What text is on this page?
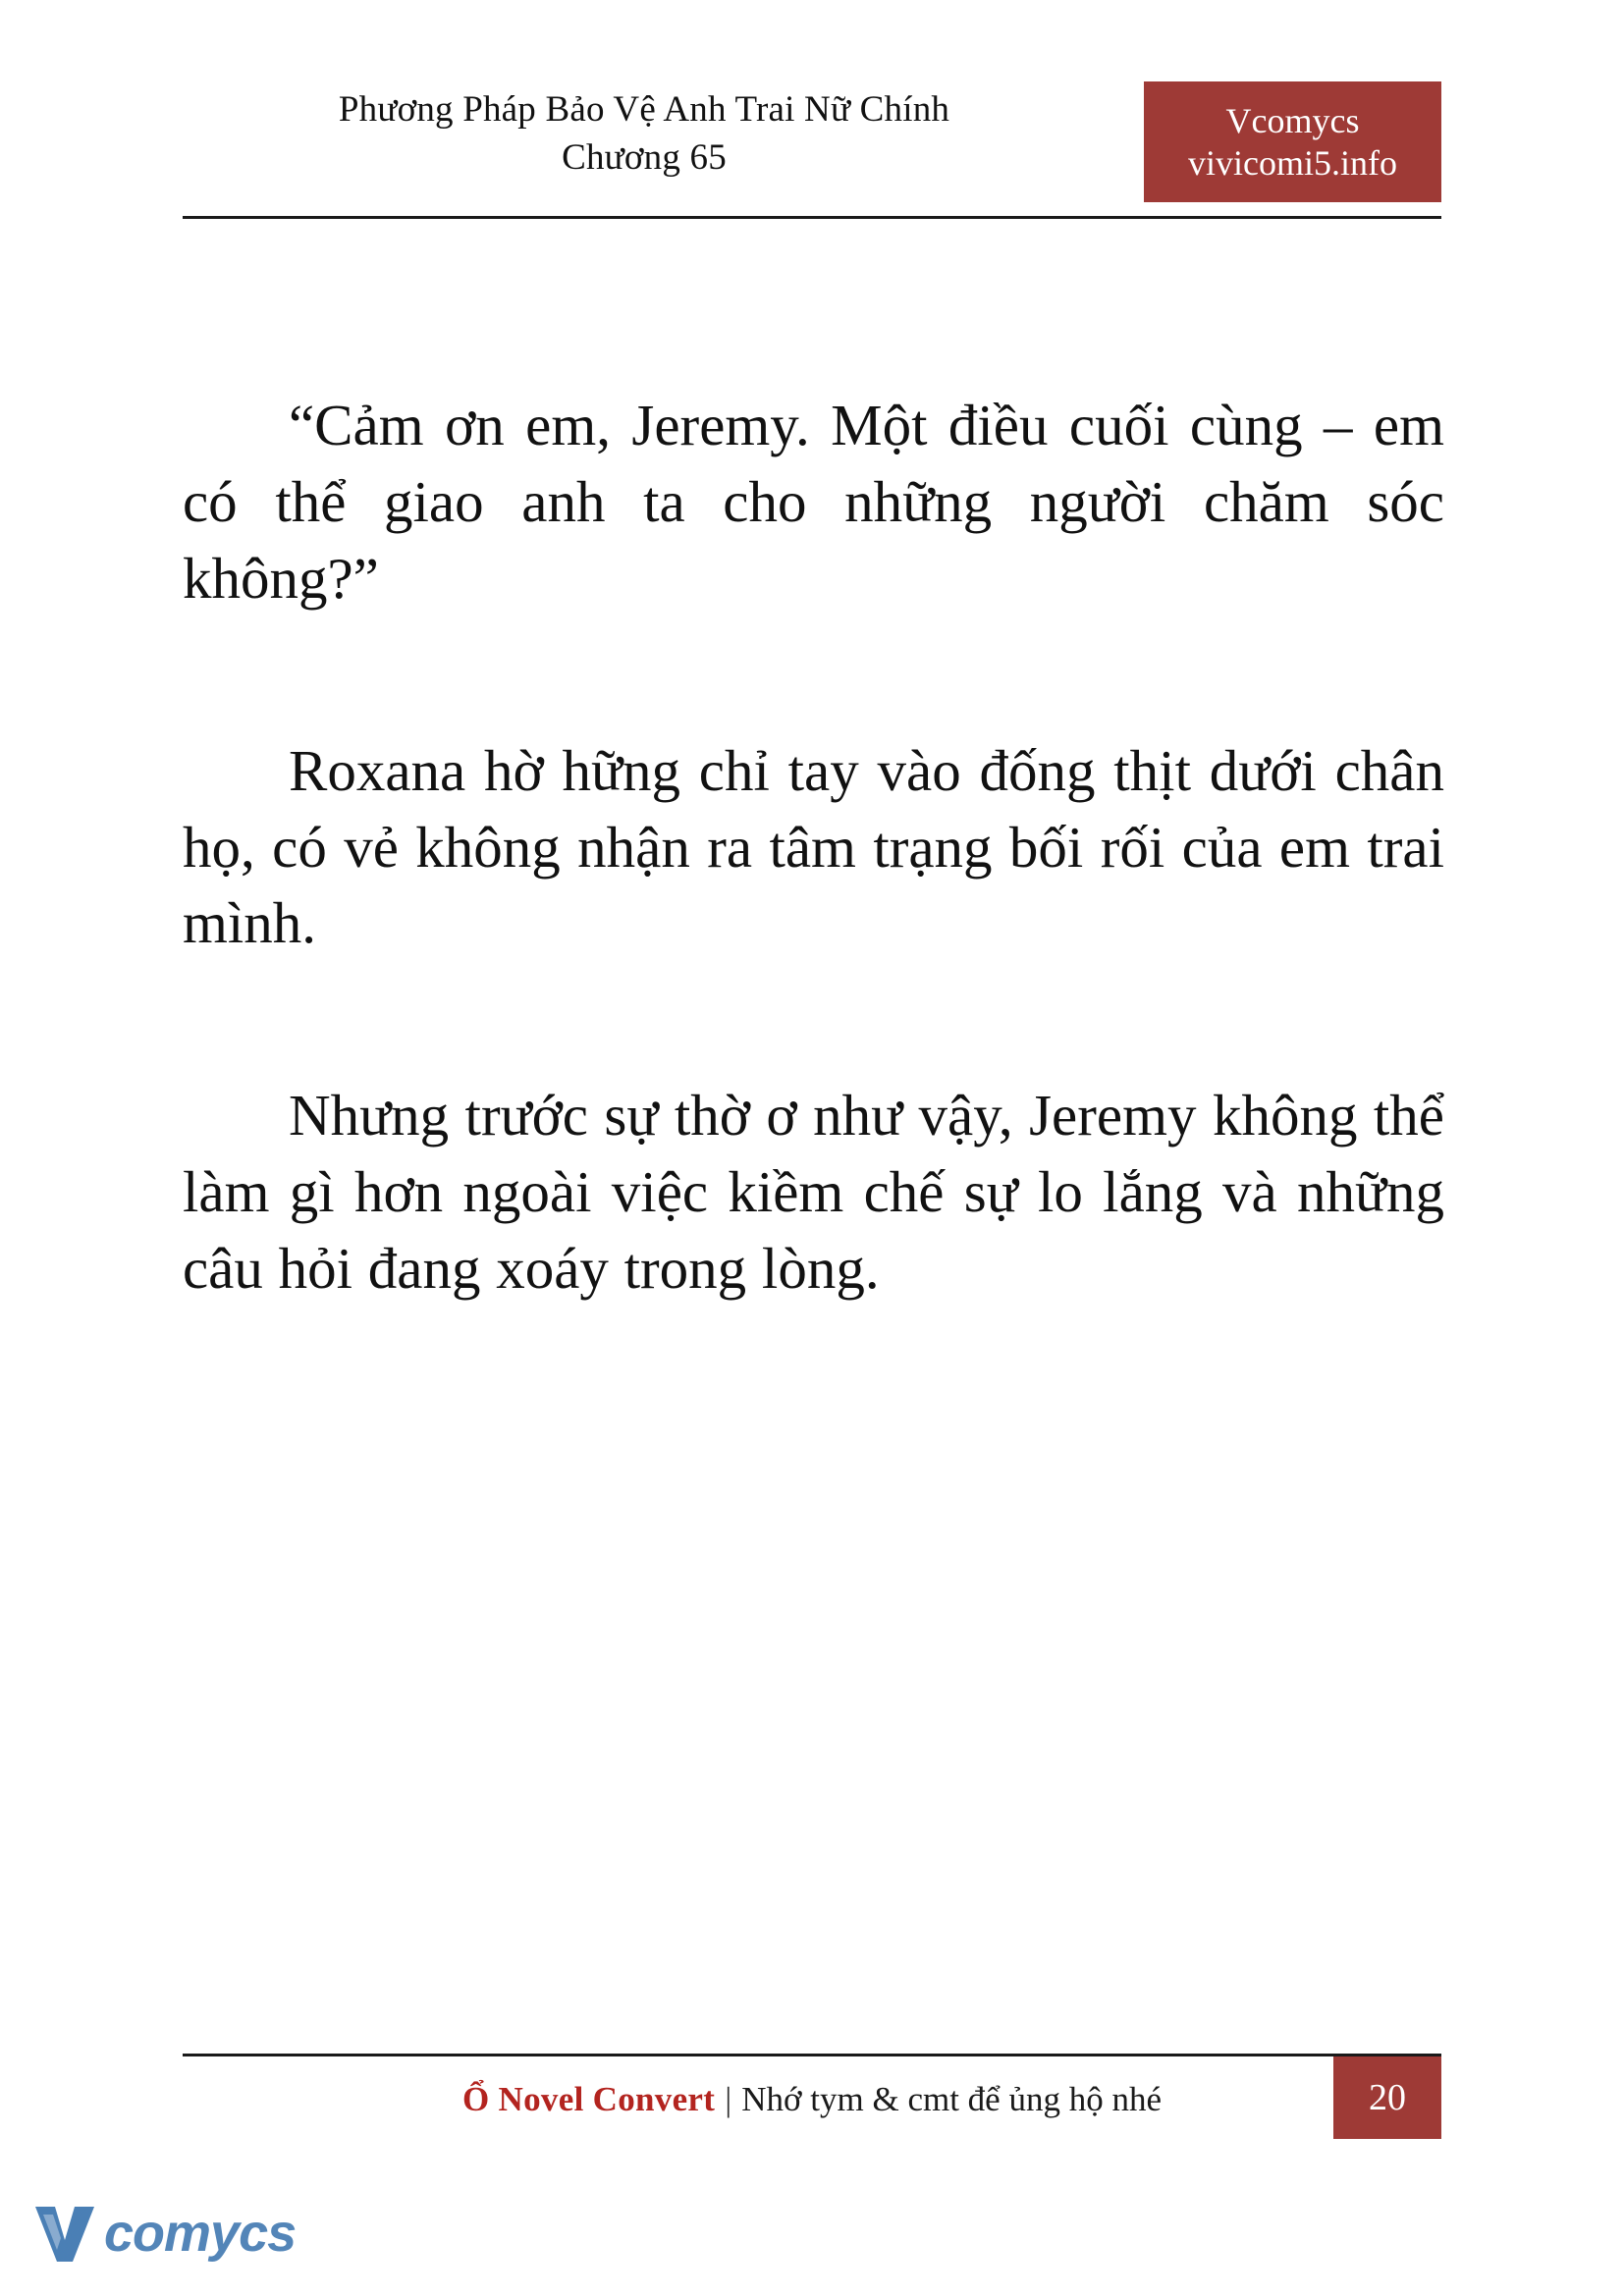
Phương Pháp Bảo Vệ Anh Trai Nữ Chính
Chương 65
Vcomycs
vivicomi5.info

“Cảm ơn em, Jeremy. Một điều cuối cùng – em có thể giao anh ta cho những người chăm sóc không?”

Roxana hờ hững chỉ tay vào đống thịt dưới chân họ, có vẻ không nhận ra tâm trạng bối rối của em trai mình.

Nhưng trước sự thờ ơ như vậy, Jeremy không thể làm gì hơn ngoài việc kiềm chế sự lo lắng và những câu hỏi đang xoáy trong lòng.

Ổ Novel Convert | Nhớ tym & cmt để ủng hộ nhé	20
comycs
